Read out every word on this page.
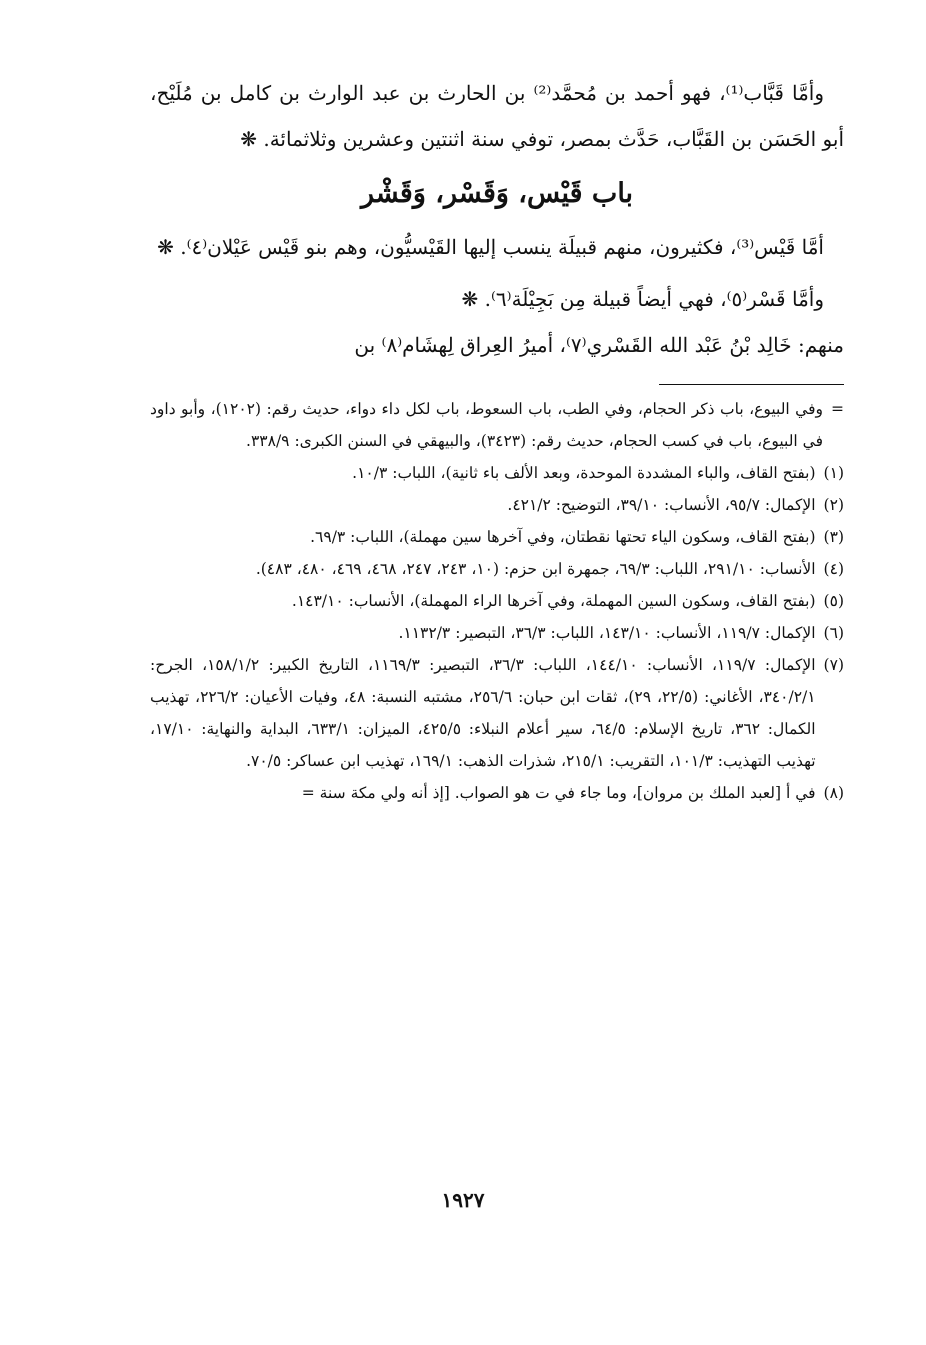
وأمَّا قَبَّاب⁽¹⁾، فهو أحمد بن مُحمَّد⁽²⁾ بن الحارث بن عبد الوارث بن كامل بن مُلَيْح، أبو الحَسَن بن القَبَّاب، حَدَّث بمصر، توفي سنة اثنتين وعشرين وثلاثمائة. ❋

باب قَيْس، وَقَسْر، وَقَشْر

أمَّا قَيْس⁽³⁾، فكثيرون، منهم قبيلَة ينسب إليها القَيْسيُّون، وهم بنو قَيْس عَيْلان⁽٤⁾. ❋

وأمَّا قَسْر⁽٥⁾، فهي أيضاً قبيلة مِن بَجِيْلَة⁽٦⁾. ❋

منهم: خَالِد بْنُ عَبْد الله القَسْري⁽٧⁾، أميرُ العِراق لِهشَام⁽٨⁾ بن

=
وفي البيوع، باب ذكر الحجام، وفي الطب، باب السعوط، باب لكل داء دواء، حديث رقم: (١٢٠٢)، وأبو داود في البيوع، باب في كسب الحجام، حديث رقم: (٣٤٢٣)، والبيهقي في السنن الكبرى: ٣٣٨/٩.
(١)
(بفتح القاف، والباء المشددة الموحدة، وبعد الألف باء ثانية)، اللباب: ١٠/٣.
(٢)
الإكمال: ٩٥/٧، الأنساب: ٣٩/١٠، التوضيح: ٤٢١/٢.
(٣)
(بفتح القاف، وسكون الياء تحتها نقطتان، وفي آخرها سين مهملة)، اللباب: ٦٩/٣.
(٤)
الأنساب: ٢٩١/١٠، اللباب: ٦٩/٣، جمهرة ابن حزم: (١٠، ٢٤٣، ٢٤٧، ٤٦٨، ٤٦٩، ٤٨٠، ٤٨٣).
(٥)
(بفتح القاف، وسكون السين المهملة، وفي آخرها الراء المهملة)، الأنساب: ١٤٣/١٠.
(٦)
الإكمال: ١١٩/٧، الأنساب: ١٤٣/١٠، اللباب: ٣٦/٣، التبصير: ١١٣٢/٣.
(٧)
الإكمال: ١١٩/٧، الأنساب: ١٤٤/١٠، اللباب: ٣٦/٣، التبصير: ١١٦٩/٣، التاريخ الكبير: ١٥٨/١/٢، الجرح: ٣٤٠/٢/١، الأغاني: (٢٢/٥، ٢٩)، ثقات ابن حبان: ٢٥٦/٦، مشتبه النسبة: ٤٨، وفيات الأعيان: ٢٢٦/٢، تهذيب الكمال: ٣٦٢، تاريخ الإسلام: ٦٤/٥، سير أعلام النبلاء: ٤٢٥/٥، الميزان: ٦٣٣/١، البداية والنهاية: ١٧/١٠، تهذيب التهذيب: ١٠١/٣، التقريب: ٢١٥/١، شذرات الذهب: ١٦٩/١، تهذيب ابن عساكر: ٧٠/٥.
(٨)
في أ [لعبد الملك بن مروان]، وما جاء في ت هو الصواب. [إذ أنه ولي مكة سنة =
١٩٢٧
